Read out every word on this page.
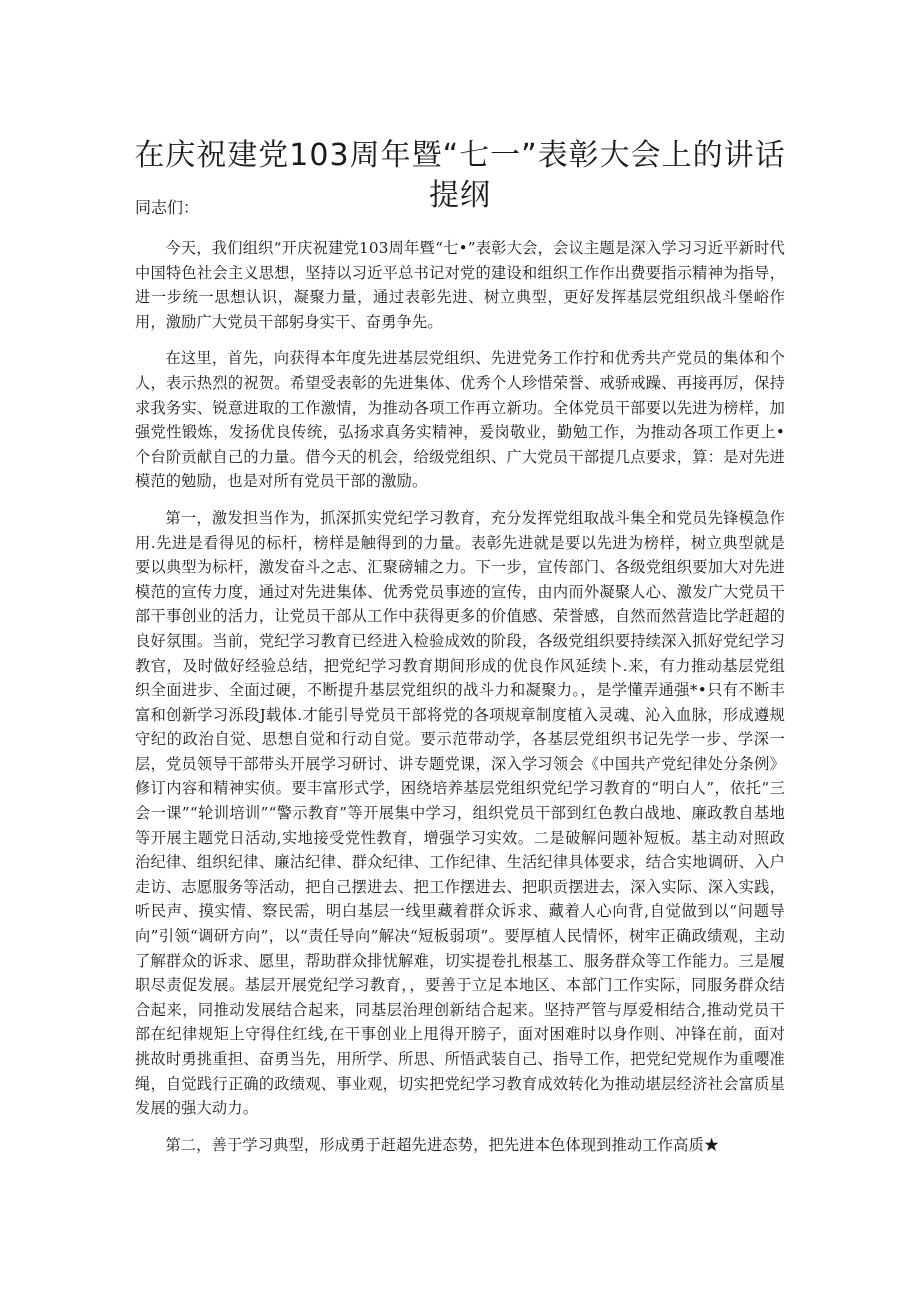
在庆祝建党103周年暨“七一”表彰大会上的讲话提纲

同志们：

今天，我们组织“开庆祝建党103周年暨“七•”表彰大会，会议主题是深入学习习近平新时代中国特色社会主义思想，坚持以习近平总书记对党的建设和组织工作作出费要指示精神为指导，进一步统一思想认识，凝聚力量，通过表彰先进、树立典型，更好发挥基层党组织战斗堡峪作用，激励广大党员干部躬身实干、奋勇争先。

在这里，首先，向获得本年度先进基层党组织、先进党务工作拧和优秀共产党员的集体和个人，表示热烈的祝贺。希望受表彰的先进集体、优秀个人珍惜荣誉、戒骄戒躁、再接再厉，保持求我务实、锐意进取的工作激情，为推动各项工作再立新功。全体党员干部要以先进为榜样，加强党性锻炼，发扬优良传统，弘扬求真务实精神，爰岗敬业，勤勉工作，为推动各项工作更上•个台阶贡献自己的力量。借今天的机会，给级党组织、广大党员干部提几点要求，算：是对先进模范的勉励，也是对所有党员干部的激励。

第一，激发担当作为，抓深抓实党纪学习教育，充分发挥党组取战斗集全和党员先锋模急作用.先进是看得见的标杆，榜样是触得到的力量。表彰先进就是要以先进为榜样，树立典型就是要以典型为标杆，激发奋斗之志、汇聚磅辅之力。下一步，宣传部门、各级党组织要加大对先进模范的宣传力度，通过对先进集体、优秀党员事迹的宣传，由内而外凝聚人心、激发广大党员干部干事创业的活力，让党员干部从工作中获得更多的价值感、荣誉感，自然而然营造比学赶超的良好氛围。当前，党纪学习教育已经进入检验成效的阶段，各级党组织要持续深入抓好党纪学习教官，及时做好经验总结，把党纪学习教育期间形成的优良作风延续卜.来，有力推动基层党组织全面进步、全面过硬，不断提升基层党组织的战斗力和凝聚力。，是学懂弄通强*•只有不断丰富和创新学习泺段J载体.才能引导党员干部将党的各项规章制度植入灵魂、沁入血脉，形成遵规守纪的政治自觉、思想自觉和行动自觉。要示范带动学，各基层党组织书记先学一步、学深一层，党员领导干部带头开展学习研讨、讲专题党课，深入学习领会《中国共产党纪律处分条例》修订内容和精神实侦。要丰富形式学，困绕培养基层党组织党纪学习教育的“明白人”，依托“三会一课”“轮训培训”“警示教育”等开展集中学习，组织党员干部到红色教白战地、廉政教自基地等开展主题党日活动,实地接受党性教育，增强学习实效。二是破解问题补短板。基主动对照政治纪律、组织纪律、廉沽纪律、群众纪律、工作纪律、生活纪律具体要求，结合实地调研、入户走访、志愿服务等活动，把自己摆进去、把工作摆进去、把职贡摆进去，深入实际、深入实践，听民声、摸实情、察民需，明白基层一线里藏着群众诉求、藏着人心向背,自觉做到以“问题导向”引领“调研方向”，以“责任导向”解决“短板弱项”。要厚植人民情怀，树牢正确政绩观，主动了解群众的诉求、愿里，帮助群众排忧解难，切实提卷扎根基工、服务群众等工作能力。三是履职尽责促发展。基层开展党纪学习教育，，要善于立足本地区、本部门工作实际，同服务群众结合起来，同推动发展结合起来，同基层治理创新结合起来。坚持严管与厚爱相结合,推动党员干部在纪律规矩上守得住红线,在干事创业上甩得开膀子，面对困难时以身作则、冲锋在前，面对挑故时勇挑重担、奋勇当先，用所学、所思、所悟武装自己、指导工作，把党纪党规作为重嘤准绳，自觉践行正确的政绩观、事业观，切实把党纪学习教育成效转化为推动堪层经济社会富质星发展的强大动力。

第二，善于学习典型，形成勇于赶超先进态势，把先进本色体现到推动工作高质★
